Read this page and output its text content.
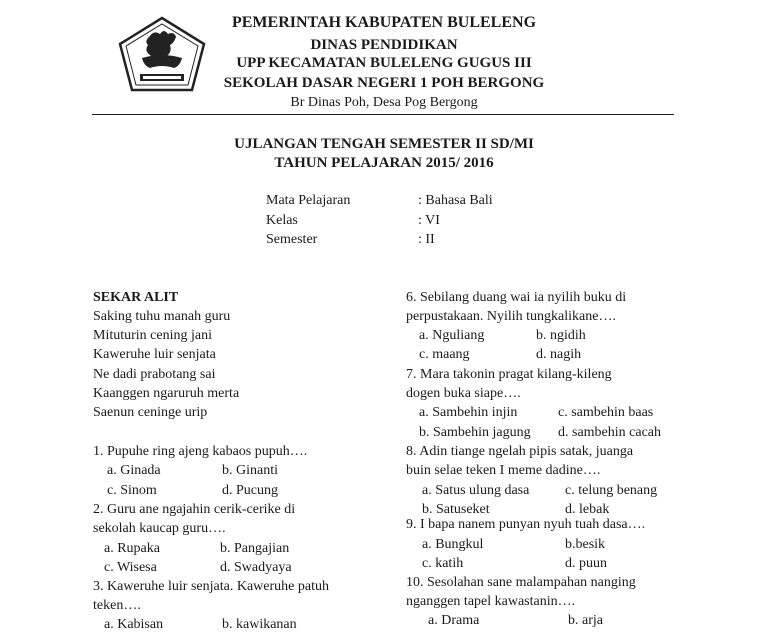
PEMERINTAH KABUPATEN BULELENG
DINAS PENDIDIKAN
UPP KECAMATAN BULELENG GUGUS III
SEKOLAH DASAR NEGERI 1 POH BERGONG
Br Dinas Poh, Desa Pog Bergong
UJLANGAN TENGAH SEMESTER II SD/MI
TAHUN PELAJARAN 2015/ 2016
Mata Pelajaran	: Bahasa Bali
Kelas	: VI
Semester	: II
SEKAR ALIT
Saking tuhu manah guru
Mituturin cening jani
Kaweruhe luir senjata
Ne dadi prabotang sai
Kaanggen ngaruruh merta
Saenun ceninge urip
1. Pupuhe ring ajeng kabaos pupuh….
a. Ginada	b. Ginanti
c. Sinom	d. Pucung
2. Guru ane ngajahin cerik-cerike di
sekolah kaucap guru….
a. Rupaka	b. Pangajian
c. Wisesa	d. Swadyaya
3. Kaweruhe luir senjata. Kaweruhe patuh
teken….
a. Kabisan	b. kawikanan
6. Sebilang duang wai ia nyilih buku di
perpustakaan. Nyilih tungkalikane….
a. Nguliang	b. ngidih
c. maang	d. nagih
7. Mara takonin pragat kilang-kileng
dogen buka siape….
a. Sambehin injin	c. sambehin baas
b. Sambehin jagung d. sambehin cacah
8. Adin tiange ngelah pipis satak, juanga
buin selae teken I meme dadine….
a. Satus ulung dasa	c. telung benang
b. Satuseket	d. lebak
9. I bapa nanem punyan nyuh tuah dasa….
a. Bungkul	b.besik
c. katih	d. puun
10. Sesolahan sane malampahan nanging
nganggen tapel kawastanin….
a. Drama	b. arja
